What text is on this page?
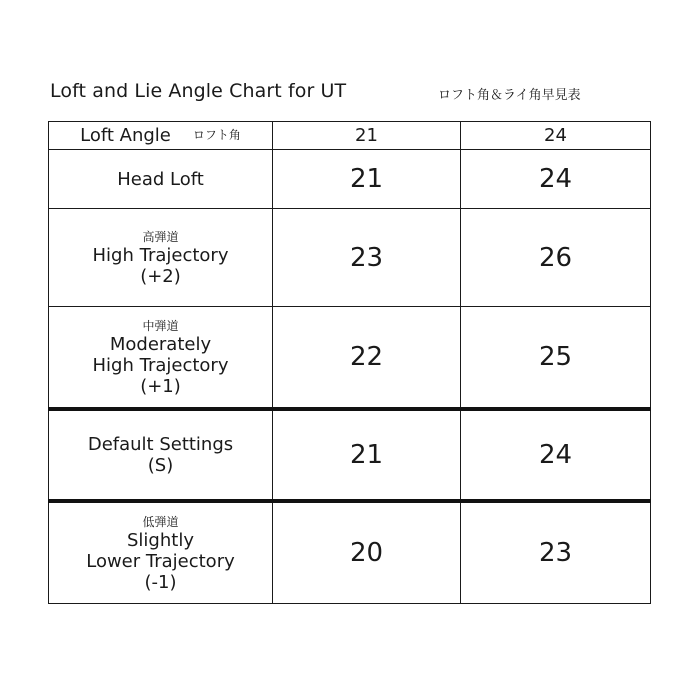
Loft and Lie Angle Chart for UT	ロフト角＆ライ角早見表
Loft Angle ロフト角	21	24

Head Loft	21	24

高弾道
High Trajectory
(+2)	23	26

中弾道
Moderately
High Trajectory
(+1)	22	25

Default Settings
(S)	21	24

低弾道
Slightly
Lower Trajectory
(-1)	20	23
